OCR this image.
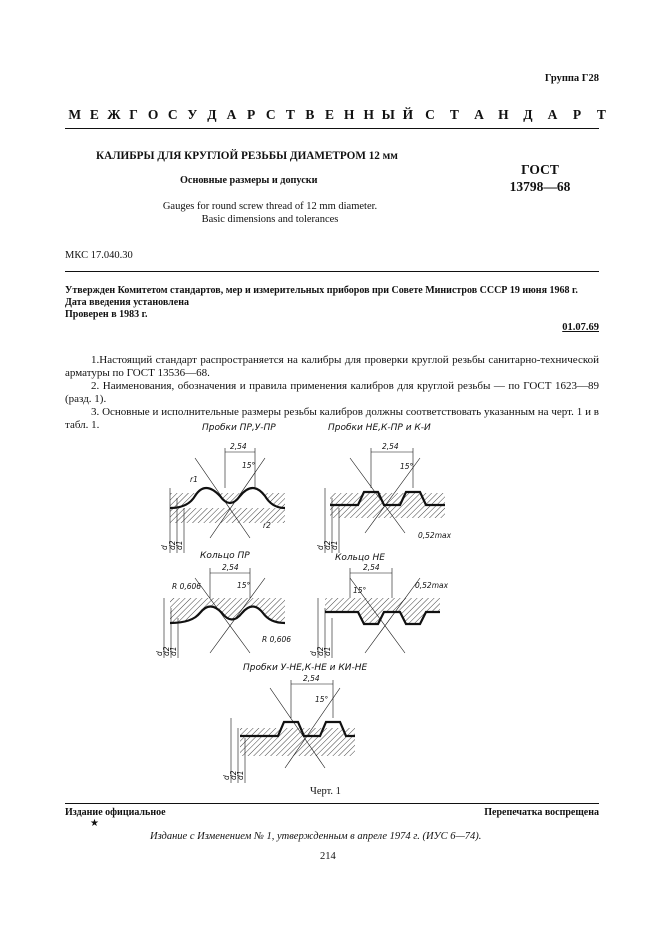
Группа Г28
М Е Ж Г О С У Д А Р С Т В Е Н Н Ы Й С	Т	А	Н	Д	А	Р	Т
КАЛИБРЫ ДЛЯ КРУГЛОЙ РЕЗЬБЫ ДИАМЕТРОМ 12 мм
Основные размеры и допуски
ГОСТ
13798—68
Gauges for round screw thread of 12 mm diameter.
Basic dimensions and tolerances
МКС 17.040.30
Утвержден Комитетом стандартов, мер и измерительных приборов при Совете Министров СССР 19 июня 1968 г.
Дата введения установлена
Проверен в 1983 г.
01.07.69
1.Настоящий стандарт распространяется на калибры для проверки круглой резьбы санитарно-технической арматуры по ГОСТ 13536—68.
2. Наименования, обозначения и правила применения калибров для круглой резьбы — по ГОСТ 1623—89 (разд. 1).
3. Основные и исполнительные размеры резьбы калибров должны соответствовать указанным на черт. 1 и в табл. 1.	Пробки ПР,У-ПР
2,54
15°
r1
r2
d d2
d1
Пробки НЕ,К-ПР и К-И
2,54
15°
0,52max
d
d2
d1
Кольцо ПР
2,54
15°
R 0,606
R 0,606
d
d2
d1
Кольцо НЕ
2,54
15°
0,52max
d
d2
d1
Пробки У-НЕ,К-НЕ и КИ-НЕ
2,54
15°
d
d2
d1
Черт. 1
Издание официальное	Перепечатка воспрещена
★
Издание с Изменением № 1, утвержденным в апреле 1974 г. (ИУС 6—74).
214
